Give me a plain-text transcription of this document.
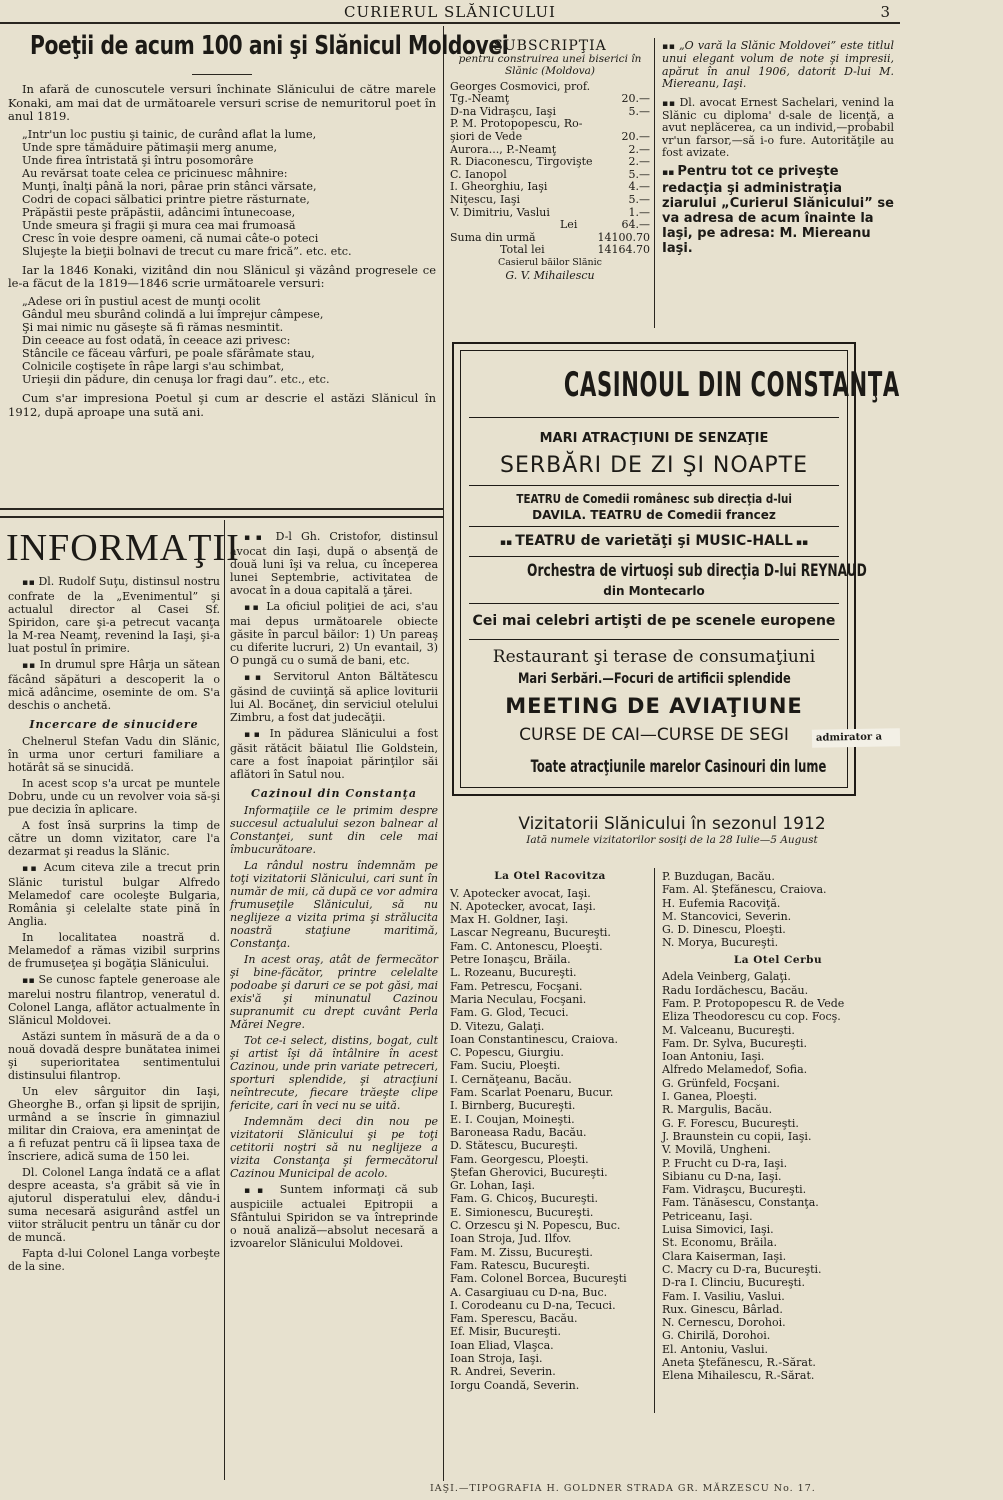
CURIERUL SLĂNICULUI	3
Poeţii de acum 100 ani şi Slănicul Moldovei

In afară de cunoscutele versuri închinate Slănicului de către marele Konaki, am mai dat de următoarele versuri scrise de nemuritorul poet în anul 1819.

„Intr'un loc pustiu şi tainic, de curând aflat la lume,
Unde spre tămăduire pătimaşii merg anume,
Unde firea întristată şi întru posomorâre
Au revărsat toate celea ce pricinuesc mâhnire:
Munţi, înalţi până la nori, pârae prin stânci vărsate,
Codri de copaci sălbatici printre pietre răsturnate,
Prăpăstii peste prăpăstii, adâncimi întunecoase,
Unde smeura şi fragii şi mura cea mai frumoasă
Cresc în voie despre oameni, că numai câte-o poteci
Slujeşte la bieţii bolnavi de trecut cu mare frică”. etc. etc.

Iar la 1846 Konaki, vizitând din nou Slănicul şi văzând progresele ce le-a făcut de la 1819—1846 scrie următoarele versuri:

„Adese ori în pustiul acest de munţi ocolit
Gândul meu sburând colindă a lui împrejur câmpese,
Şi mai nimic nu găseşte să fi rămas nesmintit.
Din ceeace au fost odată, în ceeace azi privesc:
Stâncile ce făceau vârfuri, pe poale sfărâmate stau,
Colnicile coştişete în râpe largi s'au schimbat,
Urieşii din pădure, din cenuşa lor fragi dau”. etc., etc.

Cum s'ar impresiona Poetul şi cum ar descrie el astăzi Slănicul în 1912, după aproape una sută ani.

SUBSCRIPŢIA
pentru construirea unei biserici în Slănic (Moldova)
Georges Cosmovici, prof.
Tg.-Neamţ	20.—
D-na Vidraşcu, Iaşi	5.—
P. M. Protopopescu, Ro-
şiori de Vede	20.—
Aurora..., P.-Neamţ	2.—
R. Diaconescu, Tirgovişte	2.—
C. Ianopol	5.—
I. Gheorghiu, Iaşi	4.—
Niţescu, Iaşi	5.—
V. Dimitriu, Vaslui	1.—
Lei	64.—
Suma din urmă	14100.70
Total lei	14164.70
Casierul băilor Slănic
G. V. Mihailescu

▪▪ „O vară la Slănic Moldovei” este titlul unui elegant volum de note şi impresii, apărut în anul 1906, datorit D-lui M. Miereanu, Iaşi.

▪▪ Dl. avocat Ernest Sachelari, venind la Slănic cu diploma' d-sale de licenţă, a avut neplăcerea, ca un individ,—probabil vr'un farsor,—să i-o fure. Autorităţile au fost avizate.

▪▪ Pentru tot ce priveşte redacţia şi administraţia ziarului „Curierul Slănicului” se va adresa de acum înainte la Iaşi, pe adresa: M. Miereanu Iaşi.

CASINOUL DIN CONSTANŢA
MARI ATRACŢIUNI DE SENZAŢIE
SERBĂRI DE ZI ŞI NOAPTE
TEATRU de Comedii românesc sub direcţia d-lui
DAVILA. TEATRU de Comedii francez
▪▪ TEATRU de varietăţi şi MUSIC-HALL ▪▪
Orchestra de virtuoşi sub direcţia D-lui REYNAUD
din Montecarlo
Cei mai celebri artişti de pe scenele europene
Restaurant şi terase de consumaţiuni
Mari Serbări.—Focuri de artificii splendide
MEETING DE AVIAŢIUNE
CURSE DE CAI—CURSE DE SEGI
Toate atracţiunile marelor Casinouri din lume
admirator a
INFORMAŢII

▪▪ Dl. Rudolf Suţu, distinsul nostru confrate de la „Evenimentul” şi actualul director al Casei Sf. Spiridon, care şi-a petrecut vacanţa la M-rea Neamţ, revenind la Iaşi, şi-a luat postul în primire.

▪▪ In drumul spre Hârja un sătean făcând săpături a descoperit la o mică adâncime, oseminte de om. S'a deschis o anchetă.

Incercare de sinucidere

Chelnerul Stefan Vadu din Slănic, în urma unor certuri familiare a hotărât să se sinucidă.

In acest scop s'a urcat pe muntele Dobru, unde cu un revolver voia să-şi pue decizia în aplicare.

A fost însă surprins la timp de către un domn vizitator, care l'a dezarmat şi readus la Slănic.

▪▪ Acum citeva zile a trecut prin Slănic turistul bulgar Alfredo Melamedof care ocoleşte Bulgaria, România şi celelalte state pină în Anglia.

In localitatea noastră d. Melamedof a rămas vizibil surprins de frumuseţea şi bogăţia Slănicului.

▪▪ Se cunosc faptele generoase ale marelui nostru filantrop, veneratul d. Colonel Langa, aflător actualmente în Slănicul Moldovei.

Astăzi suntem în măsură de a da o nouă dovadă despre bunătatea inimei şi superioritatea sentimentului distinsului filantrop.

Un elev sârguitor din Iaşi, Gheorghe B., orfan şi lipsit de sprijin, urmând a se înscrie în gimnaziul militar din Craiova, era ameninţat de a fi refuzat pentru că îi lipsea taxa de înscriere, adică suma de 150 lei.

Dl. Colonel Langa îndată ce a aflat despre aceasta, s'a grăbit să vie în ajutorul disperatului elev, dându-i suma necesară asigurând astfel un viitor strălucit pentru un tânăr cu dor de muncă.

Fapta d-lui Colonel Langa vorbeşte de la sine.

▪▪ D-l Gh. Cristofor, distinsul avocat din Iaşi, după o absenţă de două luni îşi va relua, cu începerea lunei Septembrie, activitatea de avocat în a doua capitală a ţărei.

▪▪ La oficiul poliţiei de aci, s'au mai depus următoarele obiecte găsite în parcul băilor: 1) Un pareaş cu diferite lucruri, 2) Un evantail, 3) O pungă cu o sumă de bani, etc.

▪▪ Servitorul Anton Băltătescu găsind de cuviinţă să aplice loviturii lui Al. Bocăneţ, din serviciul otelului Zimbru, a fost dat judecăţii.

▪▪ In pădurea Slănicului a fost găsit rătăcit băiatul Ilie Goldstein, care a fost înapoiat părinţilor săi aflători în Satul nou.

Cazinoul din Constanţa

Informaţiile ce le primim despre succesul actualului sezon balnear al Constanţei, sunt din cele mai îmbucurătoare.

La rândul nostru îndemnăm pe toţi vizitatorii Slănicului, cari sunt în număr de mii, că după ce vor admira frumuseţile Slănicului, să nu neglijeze a vizita prima şi strălucita noastră staţiune maritimă, Constanţa.

In acest oraş, atât de fermecător şi bine-făcător, printre celelalte podoabe şi daruri ce se pot găsi, mai exis'ă şi minunatul Cazinou supranumit cu drept cuvânt Perla Mărei Negre.

Tot ce-i select, distins, bogat, cult şi artist îşi dă întâlnire în acest Cazinou, unde prin variate petreceri, sporturi splendide, şi atracţiuni neîntrecute, fiecare trăeşte clipe fericite, cari în veci nu se uită.

Indemnăm deci din nou pe vizitatorii Slănicului şi pe toţi cetitorii noştri să nu neglijeze a vizita Constanţa şi fermecătorul Cazinou Municipal de acolo.

▪▪ Suntem informaţi că sub auspiciile actualei Epitropii a Sfântului Spiridon se va întreprinde o nouă analiză—absolut necesară a izvoarelor Slănicului Moldovei.

Vizitatorii Slănicului în sezonul 1912
Iată numele vizitatorilor sosiţi de la 28 Iulie—5 August
La Otel Racovitza
V. Apotecker avocat, Iaşi.
N. Apotecker, avocat, Iaşi.
Max H. Goldner, Iaşi.
Lascar Negreanu, Bucureşti.
Fam. C. Antonescu, Ploeşti.
Petre Ionaşcu, Brăila.
L. Rozeanu, Bucureşti.
Fam. Petrescu, Focşani.
Maria Neculau, Focşani.
Fam. G. Glod, Tecuci.
D. Vitezu, Galaţi.
Ioan Constantinescu, Craiova.
C. Popescu, Giurgiu.
Fam. Suciu, Ploeşti.
I. Cernăţeanu, Bacău.
Fam. Scarlat Poenaru, Bucur.
I. Birnberg, Bucureşti.
E. I. Coujan, Moineşti.
Baroneasa Radu, Bacău.
D. Stătescu, Bucureşti.
Fam. Georgescu, Ploeşti.
Ştefan Gherovici, Bucureşti.
Gr. Lohan, Iaşi.
Fam. G. Chicoş, Bucureşti.
E. Simionescu, Bucureşti.
C. Orzescu şi N. Popescu, Buc.
Ioan Stroja, Jud. Ilfov.
Fam. M. Zissu, Bucureşti.
Fam. Ratescu, Bucureşti.
Fam. Colonel Borcea, Bucureşti
A. Casargiuau cu D-na, Buc.
I. Corodeanu cu D-na, Tecuci.
Fam. Sperescu, Bacău.
Ef. Misir, Bucureşti.
Ioan Eliad, Vlaşca.
Ioan Stroja, Iaşi.
R. Andrei, Severin.
Iorgu Coandă, Severin.
P. Buzdugan, Bacău.
Fam. Al. Ştefănescu, Craiova.
H. Eufemia Racoviţă.
M. Stancovici, Severin.
G. D. Dinescu, Ploeşti.
N. Morya, Bucureşti.
La Otel Cerbu
Adela Veinberg, Galaţi.
Radu Iordăchescu, Bacău.
Fam. P. Protopopescu R. de Vede
Eliza Theodorescu cu cop. Focş.
M. Valceanu, Bucureşti.
Fam. Dr. Sylva, Bucureşti.
Ioan Antoniu, Iaşi.
Alfredo Melamedof, Sofia.
G. Grünfeld, Focşani.
I. Ganea, Ploeşti.
R. Margulis, Bacău.
G. F. Forescu, Bucureşti.
J. Braunstein cu copii, Iaşi.
V. Movilă, Ungheni.
P. Frucht cu D-ra, Iaşi.
Sibianu cu D-na, Iaşi.
Fam. Vidraşcu, Bucureşti.
Fam. Tănăsescu, Constanţa.
Petriceanu, Iaşi.
Luisa Simovici, Iaşi.
St. Economu, Brăila.
Clara Kaiserman, Iaşi.
C. Macry cu D-ra, Bucureşti.
D-ra I. Clinciu, Bucureşti.
Fam. I. Vasiliu, Vaslui.
Rux. Ginescu, Bârlad.
N. Cernescu, Dorohoi.
G. Chirilă, Dorohoi.
El. Antoniu, Vaslui.
Aneta Ştefănescu, R.-Sărat.
Elena Mihailescu, R.-Sărat.
IAŞI.—TIPOGRAFIA H. GOLDNER STRADA GR. MĂRZESCU No. 17.
